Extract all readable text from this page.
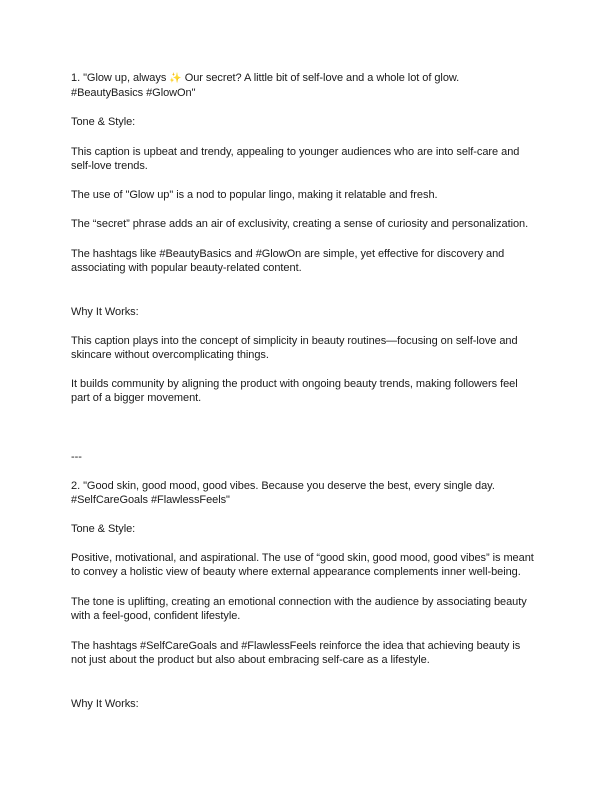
1. "Glow up, always ✨ Our secret? A little bit of self-love and a whole lot of glow.
#BeautyBasics #GlowOn"
Tone & Style:
This caption is upbeat and trendy, appealing to younger audiences who are into self-care and
self-love trends.
The use of "Glow up" is a nod to popular lingo, making it relatable and fresh.
The “secret” phrase adds an air of exclusivity, creating a sense of curiosity and personalization.
The hashtags like #BeautyBasics and #GlowOn are simple, yet effective for discovery and
associating with popular beauty-related content.
Why It Works:
This caption plays into the concept of simplicity in beauty routines—focusing on self-love and
skincare without overcomplicating things.
It builds community by aligning the product with ongoing beauty trends, making followers feel
part of a bigger movement.
---
2. "Good skin, good mood, good vibes. Because you deserve the best, every single day.
#SelfCareGoals #FlawlessFeels"
Tone & Style:
Positive, motivational, and aspirational. The use of “good skin, good mood, good vibes” is meant
to convey a holistic view of beauty where external appearance complements inner well-being.
The tone is uplifting, creating an emotional connection with the audience by associating beauty
with a feel-good, confident lifestyle.
The hashtags #SelfCareGoals and #FlawlessFeels reinforce the idea that achieving beauty is
not just about the product but also about embracing self-care as a lifestyle.
Why It Works:
